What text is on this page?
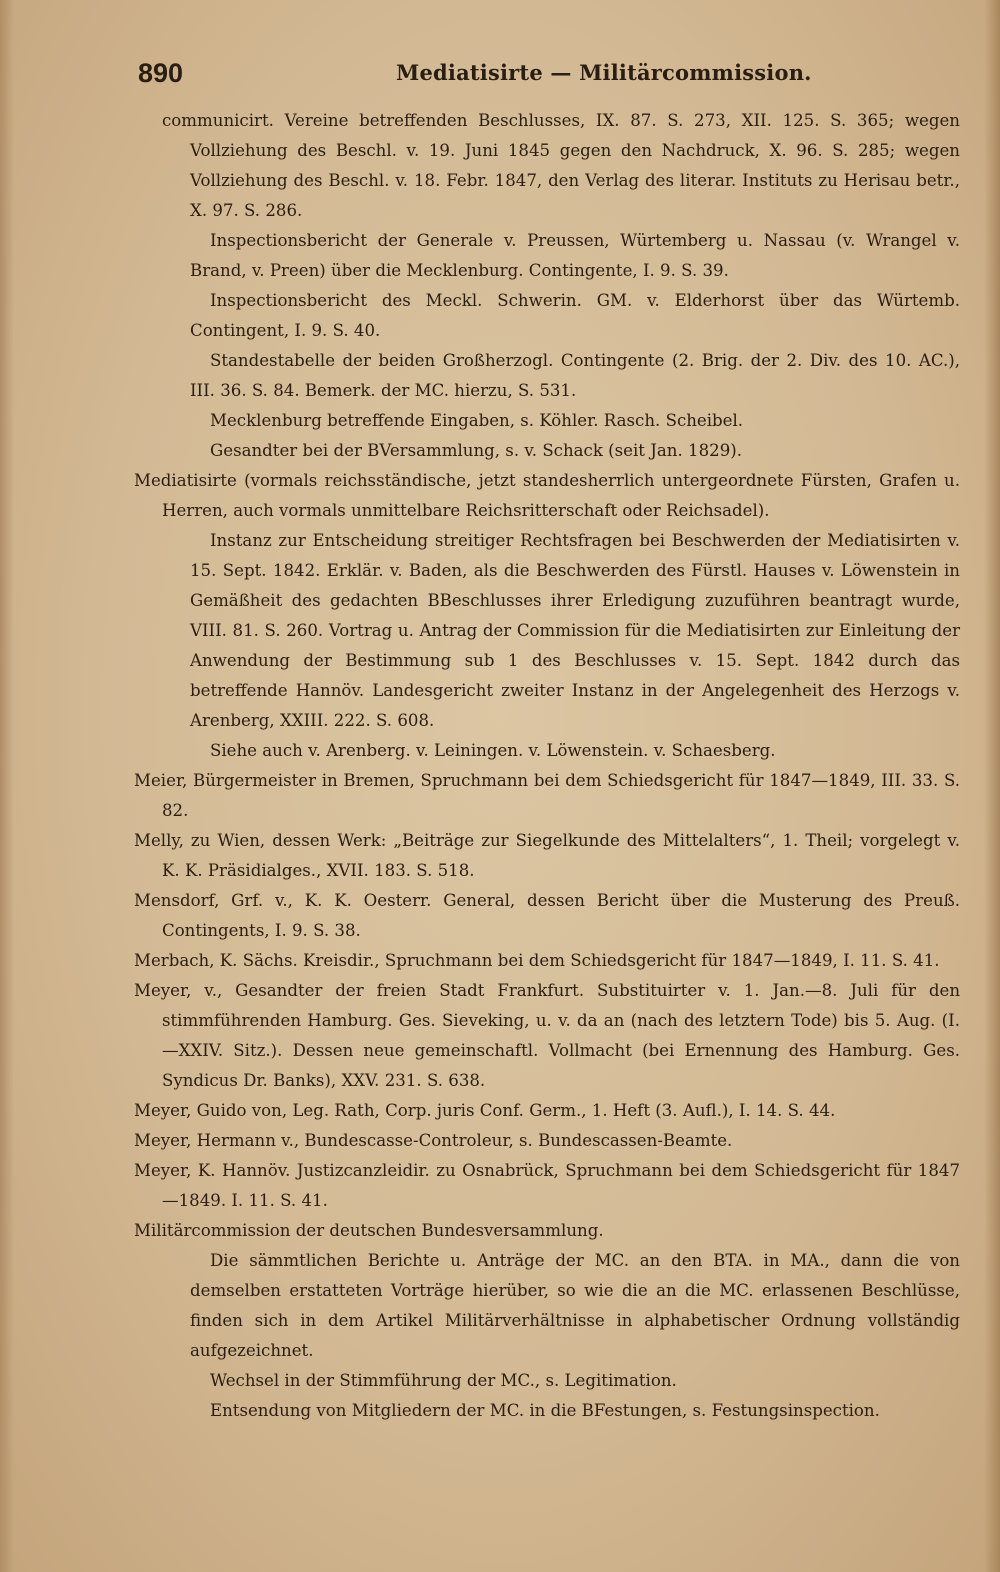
890	Mediatisirte — Militärcommission.

communicirt. Vereine betreffenden Beschlusses, IX. 87. S. 273, XII. 125. S. 365; wegen Vollziehung des Beschl. v. 19. Juni 1845 gegen den Nachdruck, X. 96. S. 285; wegen Vollziehung des Beschl. v. 18. Febr. 1847, den Verlag des literar. Instituts zu Herisau betr., X. 97. S. 286.

Inspectionsbericht der Generale v. Preussen, Würtemberg u. Nassau (v. Wrangel v. Brand, v. Preen) über die Mecklenburg. Contingente, I. 9. S. 39.

Inspectionsbericht des Meckl. Schwerin. GM. v. Elderhorst über das Würtemb. Contingent, I. 9. S. 40.

Standestabelle der beiden Großherzogl. Contingente (2. Brig. der 2. Div. des 10. AC.), III. 36. S. 84. Bemerk. der MC. hierzu, S. 531.

Mecklenburg betreffende Eingaben, s. Köhler. Rasch. Scheibel.

Gesandter bei der BVersammlung, s. v. Schack (seit Jan. 1829).

Mediatisirte (vormals reichsständische, jetzt standesherrlich untergeordnete Fürsten, Grafen u. Herren, auch vormals unmittelbare Reichsritterschaft oder Reichsadel).

Instanz zur Entscheidung streitiger Rechtsfragen bei Beschwerden der Mediatisirten v. 15. Sept. 1842. Erklär. v. Baden, als die Beschwerden des Fürstl. Hauses v. Löwenstein in Gemäßheit des gedachten BBeschlusses ihrer Erledigung zuzuführen beantragt wurde, VIII. 81. S. 260. Vortrag u. Antrag der Commission für die Mediatisirten zur Einleitung der Anwendung der Bestimmung sub 1 des Beschlusses v. 15. Sept. 1842 durch das betreffende Hannöv. Landesgericht zweiter Instanz in der Angelegenheit des Herzogs v. Arenberg, XXIII. 222. S. 608.

Siehe auch v. Arenberg. v. Leiningen. v. Löwenstein. v. Schaesberg.

Meier, Bürgermeister in Bremen, Spruchmann bei dem Schiedsgericht für 1847—1849, III. 33. S. 82.

Melly, zu Wien, dessen Werk: „Beiträge zur Siegelkunde des Mittelalters“, 1. Theil; vorgelegt v. K. K. Präsidialges., XVII. 183. S. 518.

Mensdorf, Grf. v., K. K. Oesterr. General, dessen Bericht über die Musterung des Preuß. Contingents, I. 9. S. 38.

Merbach, K. Sächs. Kreisdir., Spruchmann bei dem Schiedsgericht für 1847—1849, I. 11. S. 41.

Meyer, v., Gesandter der freien Stadt Frankfurt. Substituirter v. 1. Jan.—8. Juli für den stimmführenden Hamburg. Ges. Sieveking, u. v. da an (nach des letztern Tode) bis 5. Aug. (I.—XXIV. Sitz.). Dessen neue gemeinschaftl. Vollmacht (bei Ernennung des Hamburg. Ges. Syndicus Dr. Banks), XXV. 231. S. 638.

Meyer, Guido von, Leg. Rath, Corp. juris Conf. Germ., 1. Heft (3. Aufl.), I. 14. S. 44.

Meyer, Hermann v., Bundescasse-Controleur, s. Bundescassen-Beamte.

Meyer, K. Hannöv. Justizcanzleidir. zu Osnabrück, Spruchmann bei dem Schiedsgericht für 1847—1849. I. 11. S. 41.

Militärcommission der deutschen Bundesversammlung.

Die sämmtlichen Berichte u. Anträge der MC. an den BTA. in MA., dann die von demselben erstatteten Vorträge hierüber, so wie die an die MC. erlassenen Beschlüsse, finden sich in dem Artikel Militärverhältnisse in alphabetischer Ordnung vollständig aufgezeichnet.

Wechsel in der Stimmführung der MC., s. Legitimation.

Entsendung von Mitgliedern der MC. in die BFestungen, s. Festungsinspection.
